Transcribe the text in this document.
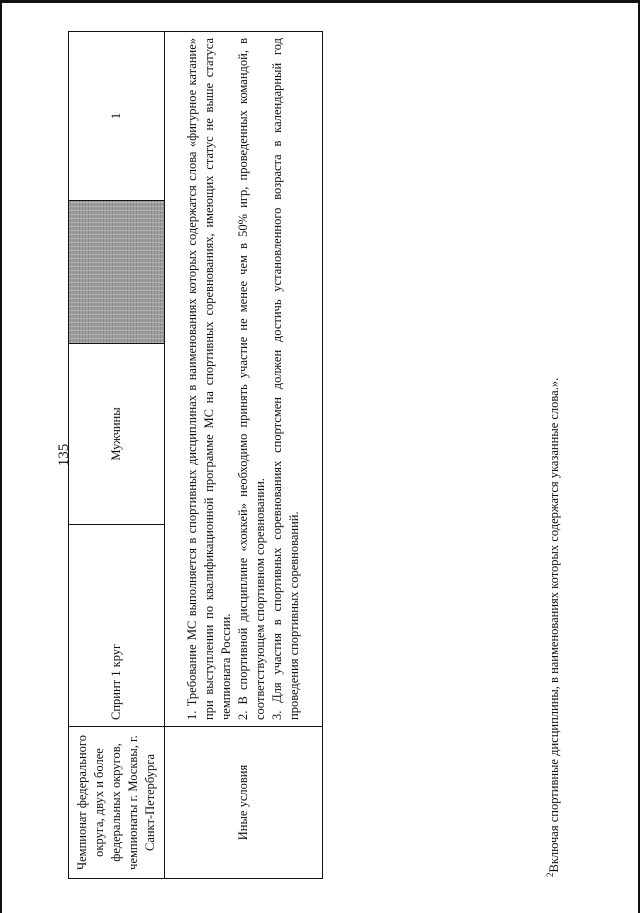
135
Чемпионат федерального округа, двух и более федеральных округов, чемпионаты г. Москвы, г. Санкт-Петербурга	Спринт 1 круг	Мужчины		1
Иные условия	1. Требование МС выполняется в спортивных дисциплинах в наименованиях которых содержатся слова «фигурное катание» при выступлении по квалификационной программе МС на спортивных соревнованиях, имеющих статус не выше статуса чемпионата России. 2. В спортивной дисциплине «хоккей» необходимо принять участие не менее чем в 50% игр, проведенных командой, в соответствующем спортивном соревновании. 3. Для участия в спортивных соревнованиях спортсмен должен достичь установленного возраста в календарный год проведения спортивных соревнований.			

$^2$Включая спортивные дисциплины, в наименованиях которых содержатся указанные слова.».
